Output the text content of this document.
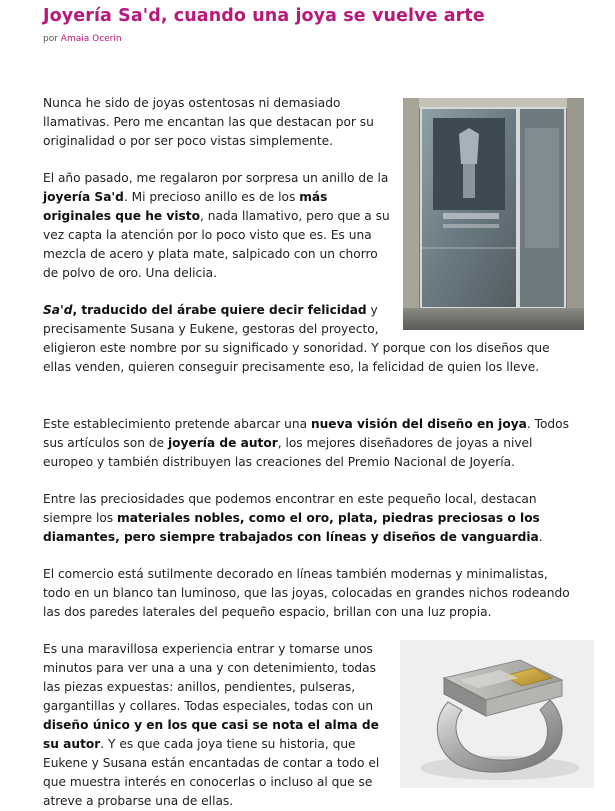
Joyería Sa'd, cuando una joya se vuelve arte
por Amaia Ocerin

Nunca he sido de joyas ostentosas ni demasiado llamativas. Pero me encantan las que destacan por su originalidad o por ser poco vistas simplemente.

El año pasado, me regalaron por sorpresa un anillo de la joyería Sa'd. Mi precioso anillo es de los más originales que he visto, nada llamativo, pero que a su vez capta la atención por lo poco visto que es. Es una mezcla de acero y plata mate, salpicado con un chorro de polvo de oro. Una delicia.

Sa'd, traducido del árabe quiere decir felicidad y precisamente Susana y Eukene, gestoras del proyecto, eligieron este nombre por su significado y sonoridad. Y porque con los diseños que ellas venden, quieren conseguir precisamente eso, la felicidad de quien los lleve.

Este establecimiento pretende abarcar una nueva visión del diseño en joya. Todos sus artículos son de joyería de autor, los mejores diseñadores de joyas a nivel europeo y también distribuyen las creaciones del Premio Nacional de Joyería.

Entre las preciosidades que podemos encontrar en este pequeño local, destacan siempre los materiales nobles, como el oro, plata, piedras preciosas o los diamantes, pero siempre trabajados con líneas y diseños de vanguardia.

El comercio está sutilmente decorado en líneas también modernas y minimalistas, todo en un blanco tan luminoso, que las joyas, colocadas en grandes nichos rodeando las dos paredes laterales del pequeño espacio, brillan con una luz propia.

Es una maravillosa experiencia entrar y tomarse unos minutos para ver una a una y con detenimiento, todas las piezas expuestas: anillos, pendientes, pulseras, gargantillas y collares. Todas especiales, todas con un diseño único y en los que casi se nota el alma de su autor. Y es que cada joya tiene su historia, que Eukene y Susana están encantadas de contar a todo el que muestra interés en conocerlas o incluso al que se atreve a probarse una de ellas.
